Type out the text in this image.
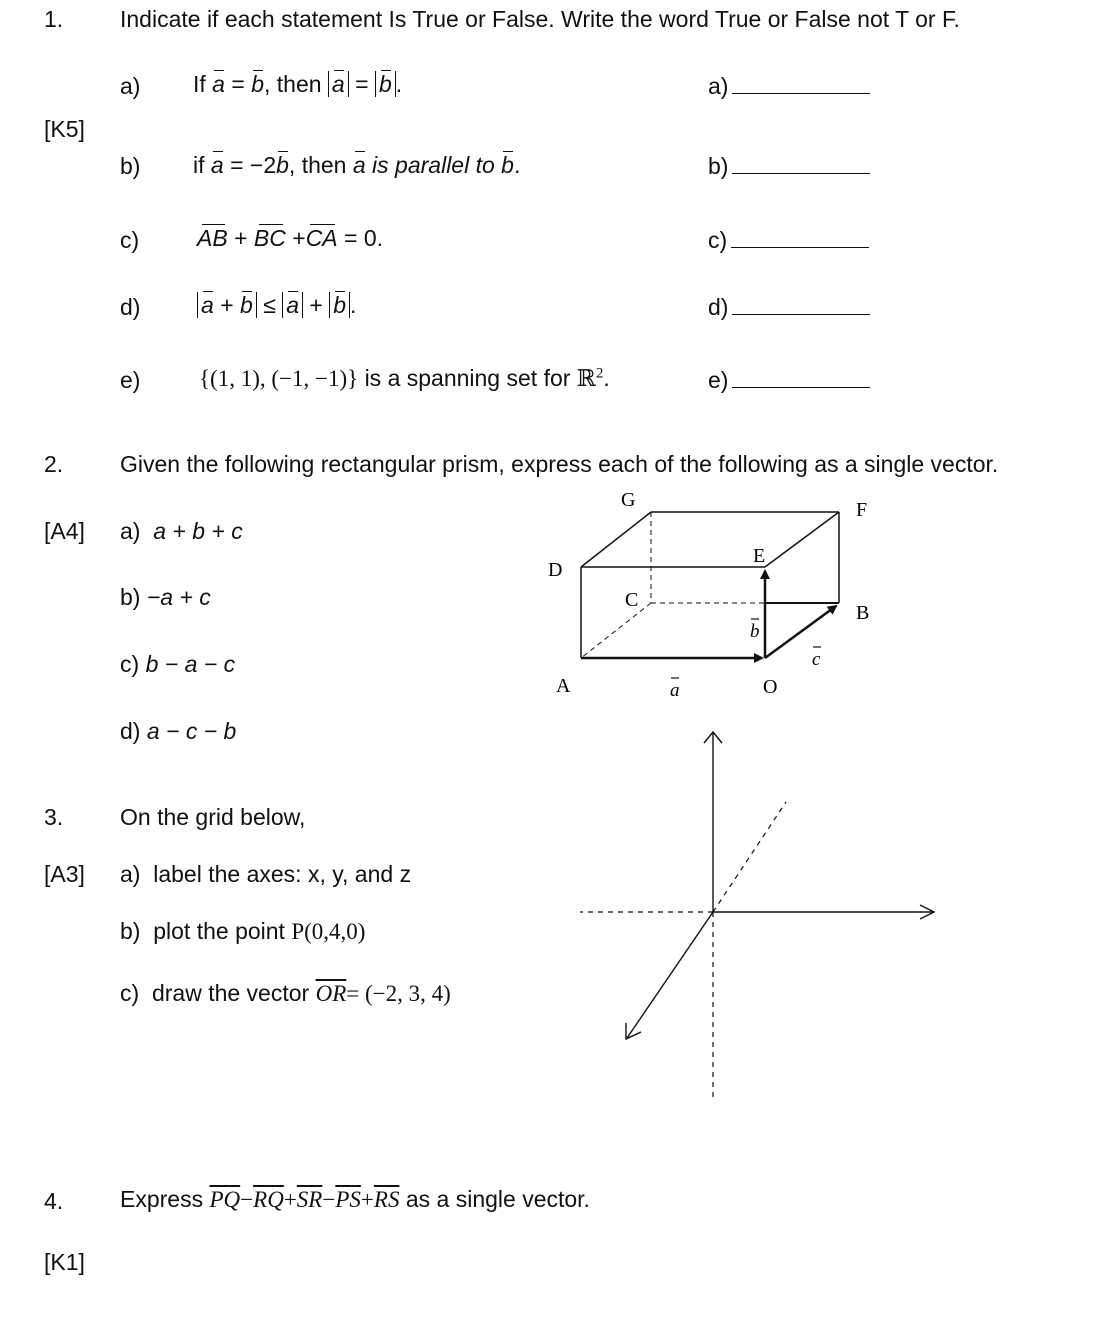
1. Indicate if each statement Is True or False. Write the word True or False not T or F.
[K5]
a) If a = b, then a = b .	a)
b) if a = −2b, then a is parallel to b.	b)
c)	AB + BC +CA = 0.	c)
d)	a + b ≤ a + b .	d)
e)	{(1, 1), (−1, −1)} is a spanning set for ℝ$^2$.	e)
2. Given the following rectangular prism, express each of the following as a single vector.
[A4] a) a + b + c
b) −a + c
c) b − a − c
d) a − c − b
G	F
D
E
C
B
A	O
a
b
c
3. On the grid below,
[A3] a) label the axes: x, y, and z
b) plot the point P(0,4,0)
c) draw the vector $\overline{OR}= (-2$, 3, 4)
4. Express $\overline{PQ}-\overline{RQ}+\overline{SR}-\overline{PS}+\overline{RS}$ as a single vector.
[K1]
